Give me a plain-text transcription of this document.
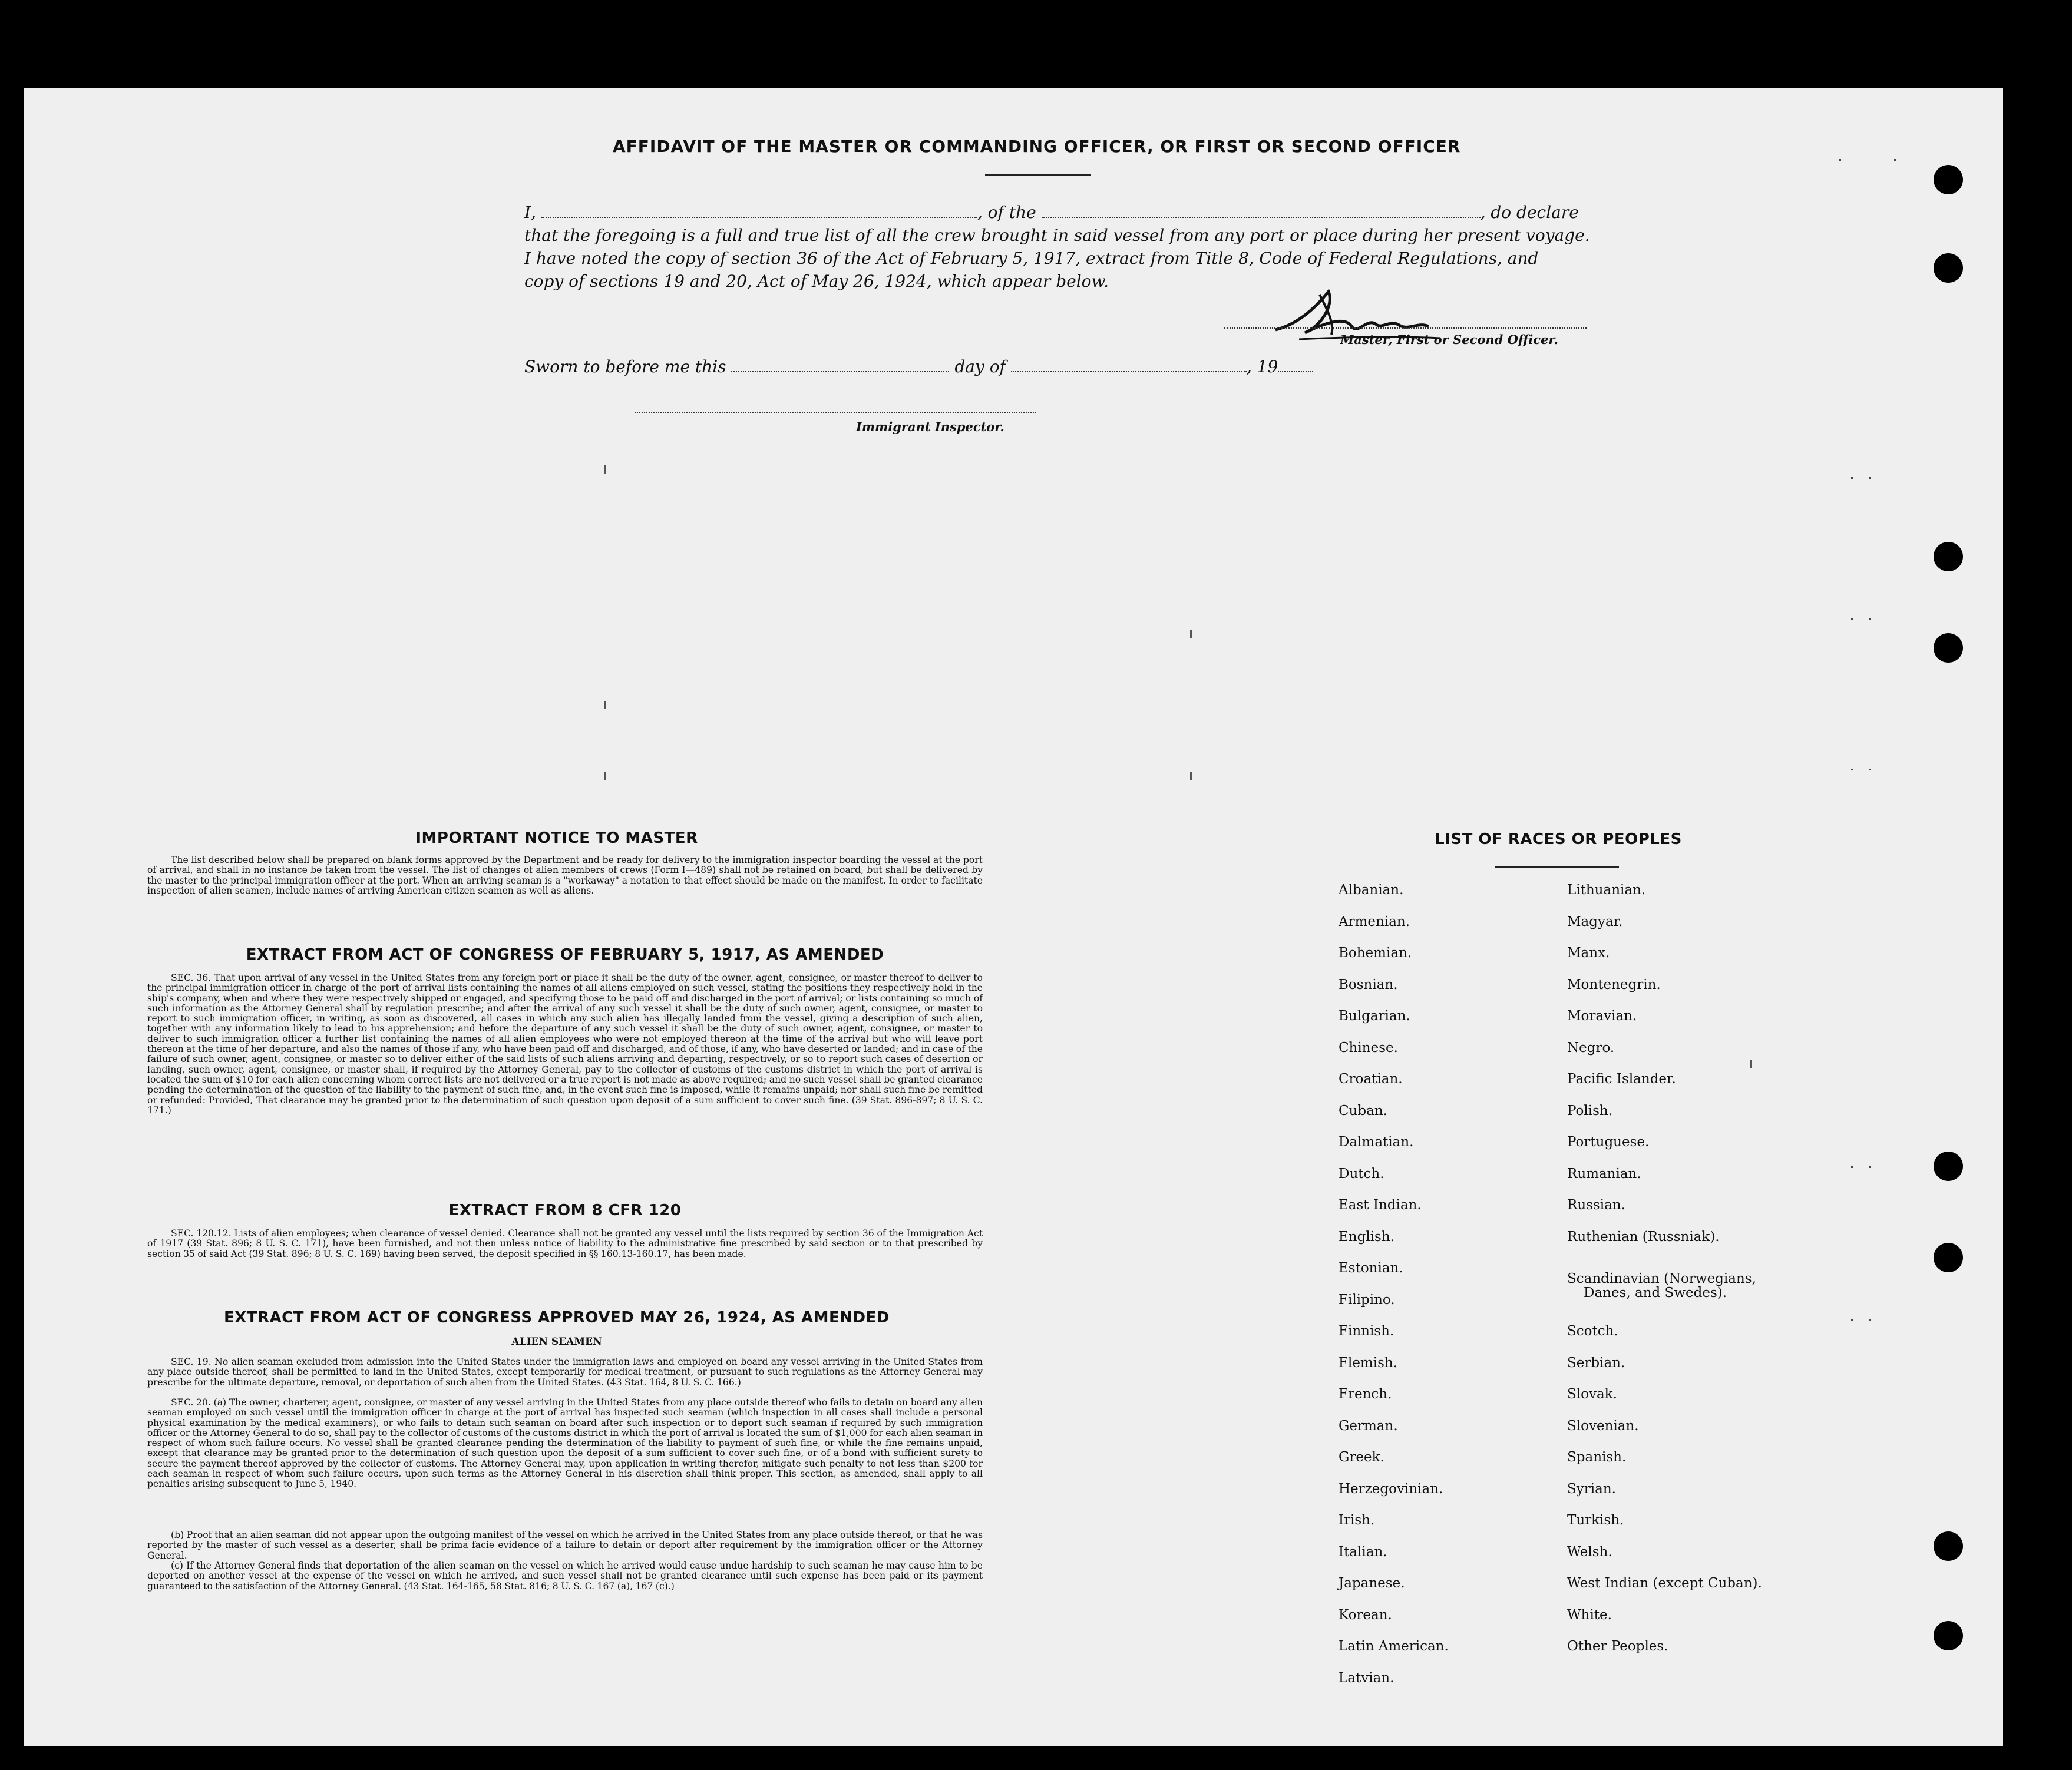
AFFIDAVIT OF THE MASTER OR COMMANDING OFFICER, OR FIRST OR SECOND OFFICER
I,	, of the	, do declare
that the foregoing is a full and true list of all the crew brought in said vessel from any port or place during her present voyage.
I have noted the copy of section 36 of the Act of February 5, 1917, extract from Title 8, Code of Federal Regulations, and
copy of sections 19 and 20, Act of May 26, 1924, which appear below.
Master, First or Second Officer.
Sworn to before me this	day of	, 19
Immigrant Inspector.
IMPORTANT NOTICE TO MASTER
The list described below shall be prepared on blank forms approved by the Department and be ready for delivery to the immigration inspector boarding the vessel at the port of arrival, and shall in no instance be taken from the vessel. The list of changes of alien members of crews (Form I—489) shall not be retained on board, but shall be delivered by the master to the principal immigration officer at the port. When an arriving seaman is a "workaway" a notation to that effect should be made on the manifest. In order to facilitate inspection of alien seamen, include names of arriving American citizen seamen as well as aliens.
EXTRACT FROM ACT OF CONGRESS OF FEBRUARY 5, 1917, AS AMENDED
SEC. 36. That upon arrival of any vessel in the United States from any foreign port or place it shall be the duty of the owner, agent, consignee, or master thereof to deliver to the principal immigration officer in charge of the port of arrival lists containing the names of all aliens employed on such vessel, stating the positions they respectively hold in the ship's company, when and where they were respectively shipped or engaged, and specifying those to be paid off and discharged in the port of arrival; or lists containing so much of such information as the Attorney General shall by regulation prescribe; and after the arrival of any such vessel it shall be the duty of such owner, agent, consignee, or master to report to such immigration officer, in writing, as soon as discovered, all cases in which any such alien has illegally landed from the vessel, giving a description of such alien, together with any information likely to lead to his apprehension; and before the departure of any such vessel it shall be the duty of such owner, agent, consignee, or master to deliver to such immigration officer a further list containing the names of all alien employees who were not employed thereon at the time of the arrival but who will leave port thereon at the time of her departure, and also the names of those if any, who have been paid off and discharged, and of those, if any, who have deserted or landed; and in case of the failure of such owner, agent, consignee, or master so to deliver either of the said lists of such aliens arriving and departing, respectively, or so to report such cases of desertion or landing, such owner, agent, consignee, or master shall, if required by the Attorney General, pay to the collector of customs of the customs district in which the port of arrival is located the sum of $10 for each alien concerning whom correct lists are not delivered or a true report is not made as above required; and no such vessel shall be granted clearance pending the determination of the question of the liability to the payment of such fine, and, in the event such fine is imposed, while it remains unpaid; nor shall such fine be remitted or refunded: Provided, That clearance may be granted prior to the determination of such question upon deposit of a sum sufficient to cover such fine. (39 Stat. 896-897; 8 U. S. C. 171.)
EXTRACT FROM 8 CFR 120
SEC. 120.12. Lists of alien employees; when clearance of vessel denied. Clearance shall not be granted any vessel until the lists required by section 36 of the Immigration Act of 1917 (39 Stat. 896; 8 U. S. C. 171), have been furnished, and not then unless notice of liability to the administrative fine prescribed by said section or to that prescribed by section 35 of said Act (39 Stat. 896; 8 U. S. C. 169) having been served, the deposit specified in §§ 160.13-160.17, has been made.
EXTRACT FROM ACT OF CONGRESS APPROVED MAY 26, 1924, AS AMENDED
ALIEN SEAMEN
SEC. 19. No alien seaman excluded from admission into the United States under the immigration laws and employed on board any vessel arriving in the United States from any place outside thereof, shall be permitted to land in the United States, except temporarily for medical treatment, or pursuant to such regulations as the Attorney General may prescribe for the ultimate departure, removal, or deportation of such alien from the United States. (43 Stat. 164, 8 U. S. C. 166.)
SEC. 20. (a) The owner, charterer, agent, consignee, or master of any vessel arriving in the United States from any place outside thereof who fails to detain on board any alien seaman employed on such vessel until the immigration officer in charge at the port of arrival has inspected such seaman (which inspection in all cases shall include a personal physical examination by the medical examiners), or who fails to detain such seaman on board after such inspection or to deport such seaman if required by such immigration officer or the Attorney General to do so, shall pay to the collector of customs of the customs district in which the port of arrival is located the sum of $1,000 for each alien seaman in respect of whom such failure occurs. No vessel shall be granted clearance pending the determination of the liability to payment of such fine, or while the fine remains unpaid, except that clearance may be granted prior to the determination of such question upon the deposit of a sum sufficient to cover such fine, or of a bond with sufficient surety to secure the payment thereof approved by the collector of customs. The Attorney General may, upon application in writing therefor, mitigate such penalty to not less than $200 for each seaman in respect of whom such failure occurs, upon such terms as the Attorney General in his discretion shall think proper. This section, as amended, shall apply to all penalties arising subsequent to June 5, 1940.
(b) Proof that an alien seaman did not appear upon the outgoing manifest of the vessel on which he arrived in the United States from any place outside thereof, or that he was reported by the master of such vessel as a deserter, shall be prima facie evidence of a failure to detain or deport after requirement by the immigration officer or the Attorney General.
(c) If the Attorney General finds that deportation of the alien seaman on the vessel on which he arrived would cause undue hardship to such seaman he may cause him to be deported on another vessel at the expense of the vessel on which he arrived, and such vessel shall not be granted clearance until such expense has been paid or its payment guaranteed to the satisfaction of the Attorney General. (43 Stat. 164-165, 58 Stat. 816; 8 U. S. C. 167 (a), 167 (c).)
LIST OF RACES OR PEOPLES
Albanian.
Armenian.
Bohemian.
Bosnian.
Bulgarian.
Chinese.
Croatian.
Cuban.
Dalmatian.
Dutch.
East Indian.
English.
Estonian.
Filipino.
Finnish.
Flemish.
French.
German.
Greek.
Herzegovinian.
Irish.
Italian.
Japanese.
Korean.
Latin American.
Latvian.
Lithuanian.
Magyar.
Manx.
Montenegrin.
Moravian.
Negro.
Pacific Islander.
Polish.
Portuguese.
Rumanian.
Russian.
Ruthenian (Russniak).
Scandinavian (Norwegians,
Danes, and Swedes).
Scotch.
Serbian.
Slovak.
Slovenian.
Spanish.
Syrian.
Turkish.
Welsh.
West Indian (except Cuban).
White.
Other Peoples.
